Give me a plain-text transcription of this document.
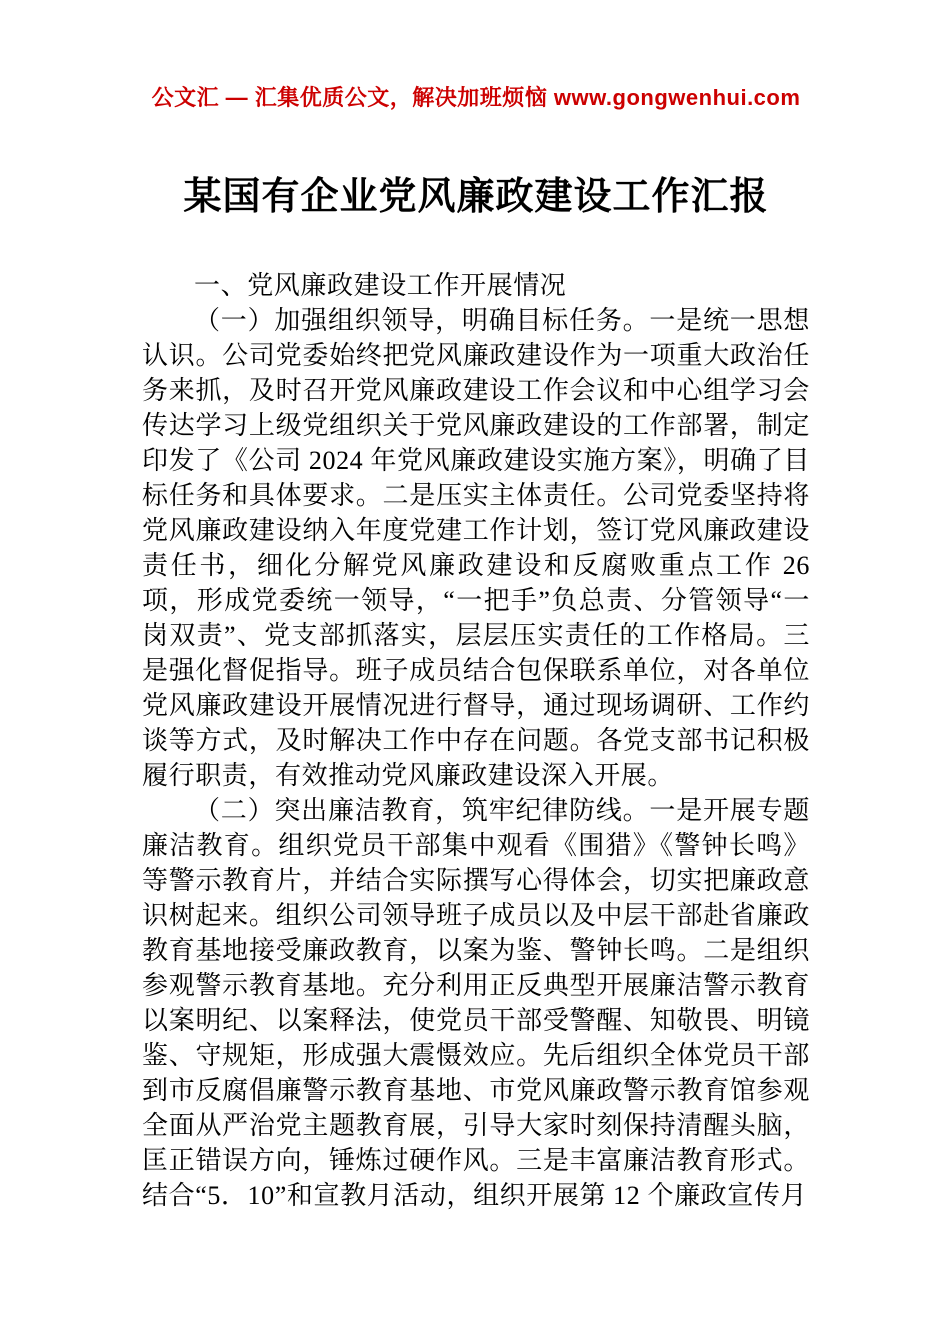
公文汇 — 汇集优质公文，解决加班烦恼 www.gongwenhui.com
某国有企业党风廉政建设工作汇报

一、党风廉政建设工作开展情况

（一）加强组织领导，明确目标任务。一是统一思想认识。公司党委始终把党风廉政建设作为一项重大政治任务来抓，及时召开党风廉政建设工作会议和中心组学习会传达学习上级党组织关于党风廉政建设的工作部署，制定印发了《公司 2024 年党风廉政建设实施方案》，明确了目标任务和具体要求。二是压实主体责任。公司党委坚持将党风廉政建设纳入年度党建工作计划，签订党风廉政建设责任书，细化分解党风廉政建设和反腐败重点工作 26 项，形成党委统一领导，“一把手”负总责、分管领导“一岗双责”、党支部抓落实，层层压实责任的工作格局。三是强化督促指导。班子成员结合包保联系单位，对各单位党风廉政建设开展情况进行督导，通过现场调研、工作约谈等方式，及时解决工作中存在问题。各党支部书记积极履行职责，有效推动党风廉政建设深入开展。

（二）突出廉洁教育，筑牢纪律防线。一是开展专题廉洁教育。组织党员干部集中观看《围猎》《警钟长鸣》等警示教育片，并结合实际撰写心得体会，切实把廉政意识树起来。组织公司领导班子成员以及中层干部赴省廉政教育基地接受廉政教育，以案为鉴、警钟长鸣。二是组织参观警示教育基地。充分利用正反典型开展廉洁警示教育以案明纪、以案释法，使党员干部受警醒、知敬畏、明镜鉴、守规矩，形成强大震慑效应。先后组织全体党员干部到市反腐倡廉警示教育基地、市党风廉政警示教育馆参观全面从严治党主题教育展，引导大家时刻保持清醒头脑，匡正错误方向，锤炼过硬作风。三是丰富廉洁教育形式。结合“5．10”和宣教月活动，组织开展第 12 个廉政宣传月
